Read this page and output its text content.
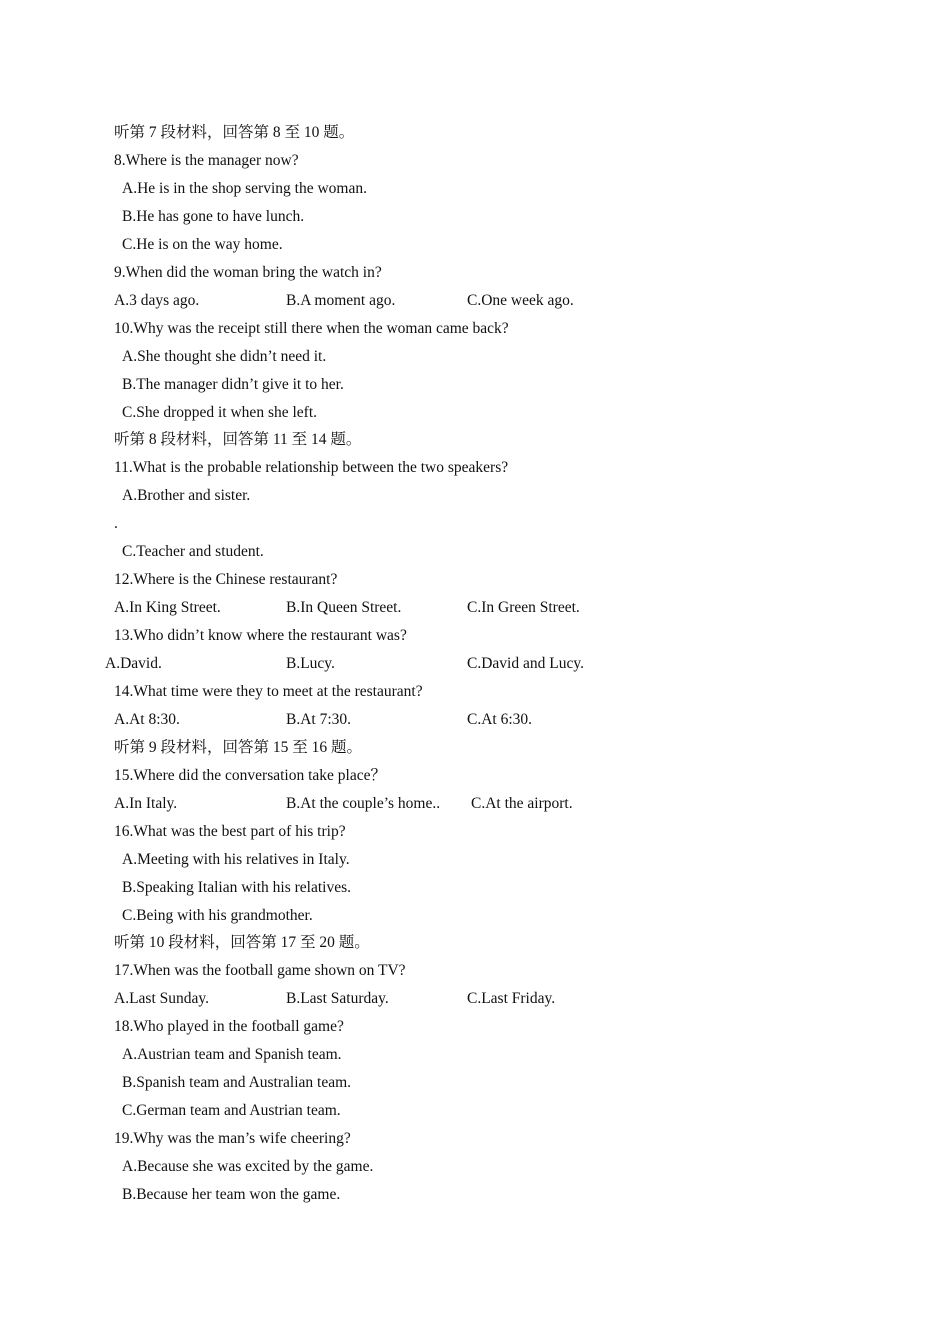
听第 7 段材料，回答第 8 至 10 题。
8.Where is the manager now?
A.He is in the shop serving the woman.
B.He has gone to have lunch.
C.He is on the way home.
9.When did the woman bring the watch in?
A.3 days ago.	B.A moment ago.	C.One week ago.
10.Why was the receipt still there when the woman came back?
A.She thought she didn’t need it.
B.The manager didn’t give it to her.
C.She dropped it when she left.
听第 8 段材料，回答第 11 至 14 题。
11.What is the probable relationship between the two speakers?
A.Brother and sister.
.
C.Teacher and student.
12.Where is the Chinese restaurant?
A.In King Street.	B.In Queen Street.	C.In Green Street.
13.Who didn’t know where the restaurant was?
A.David.	B.Lucy.	C.David and Lucy.
14.What time were they to meet at the restaurant?
A.At 8:30.	B.At 7:30.	C.At 6:30.
听第 9 段材料，回答第 15 至 16 题。
15.Where did the conversation take place？
A.In Italy.	B.At the couple’s home.. C.At the airport.
16.What was the best part of his trip?
A.Meeting with his relatives in Italy.
B.Speaking Italian with his relatives.
C.Being with his grandmother.
听第 10 段材料，回答第 17 至 20 题。
17.When was the football game shown on TV?
A.Last Sunday.	B.Last Saturday.	C.Last Friday.
18.Who played in the football game?
A.Austrian team and Spanish team.
B.Spanish team and Australian team.
C.German team and Austrian team.
19.Why was the man’s wife cheering?
A.Because she was excited by the game.
B.Because her team won the game.
